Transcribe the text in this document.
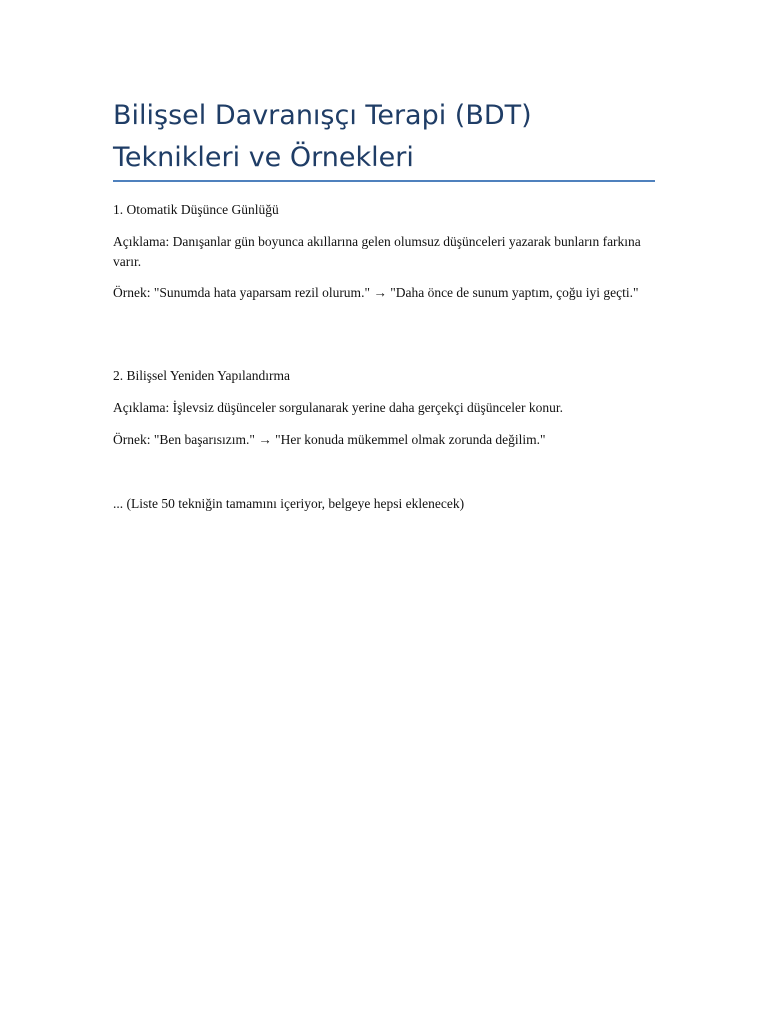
Bilişsel Davranışçı Terapi (BDT)
Teknikleri ve Örnekleri

1. Otomatik Düşünce Günlüğü

Açıklama: Danışanlar gün boyunca akıllarına gelen olumsuz düşünceleri yazarak bunların farkına varır.

Örnek: "Sunumda hata yaparsam rezil olurum." → "Daha önce de sunum yaptım, çoğu iyi geçti."

2. Bilişsel Yeniden Yapılandırma

Açıklama: İşlevsiz düşünceler sorgulanarak yerine daha gerçekçi düşünceler konur.

Örnek: "Ben başarısızım." → "Her konuda mükemmel olmak zorunda değilim."

... (Liste 50 tekniğin tamamını içeriyor, belgeye hepsi eklenecek)
